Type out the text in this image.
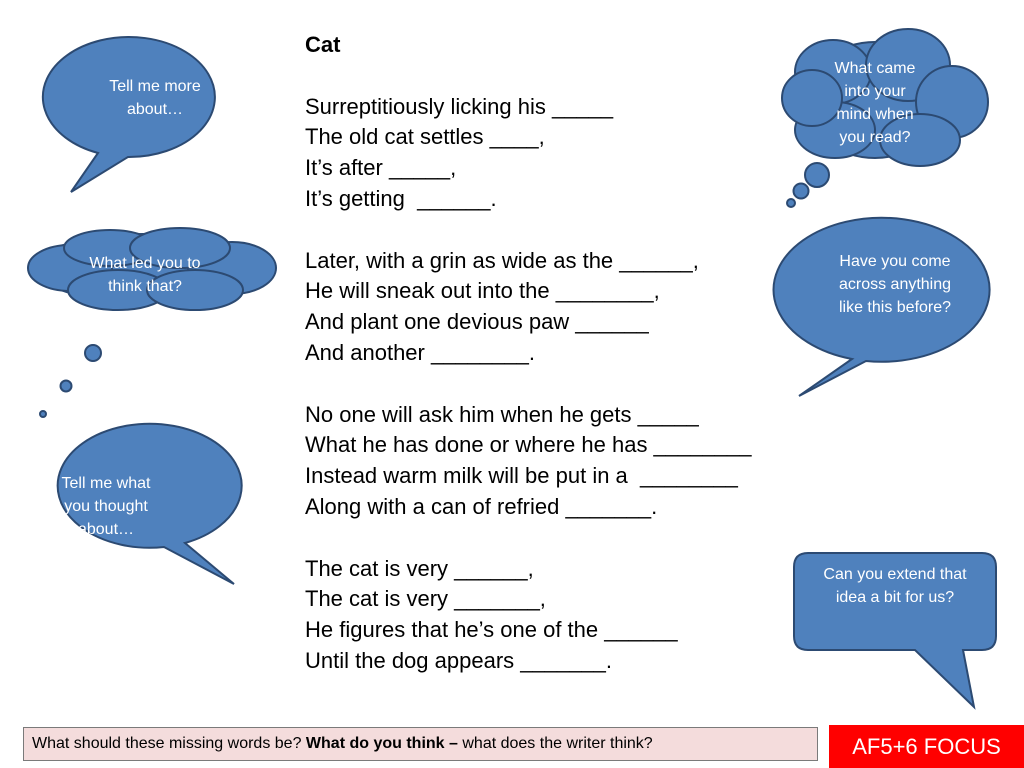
Tell me more
about…
What led you to
think that?
Tell me what
you thought
about…
What came
into your
mind when
you read?
Have you come
across anything
like this before?
Can you extend that
idea a bit for us?
Cat
Surreptitiously licking his _____
The old cat settles ____,
It’s after _____,
It’s getting  ______.
Later, with a grin as wide as the ______,
He will sneak out into the ________,
And plant one devious paw ______
And another ________.
No one will ask him when he gets _____
What he has done or where he has ________
Instead warm milk will be put in a  ________
Along with a can of refried _______.
The cat is very ______,
The cat is very _______,
He figures that he’s one of the ______
Until the dog appears _______.
What should these missing words be? What do you think – what does the writer think?	AF5+6 FOCUS
